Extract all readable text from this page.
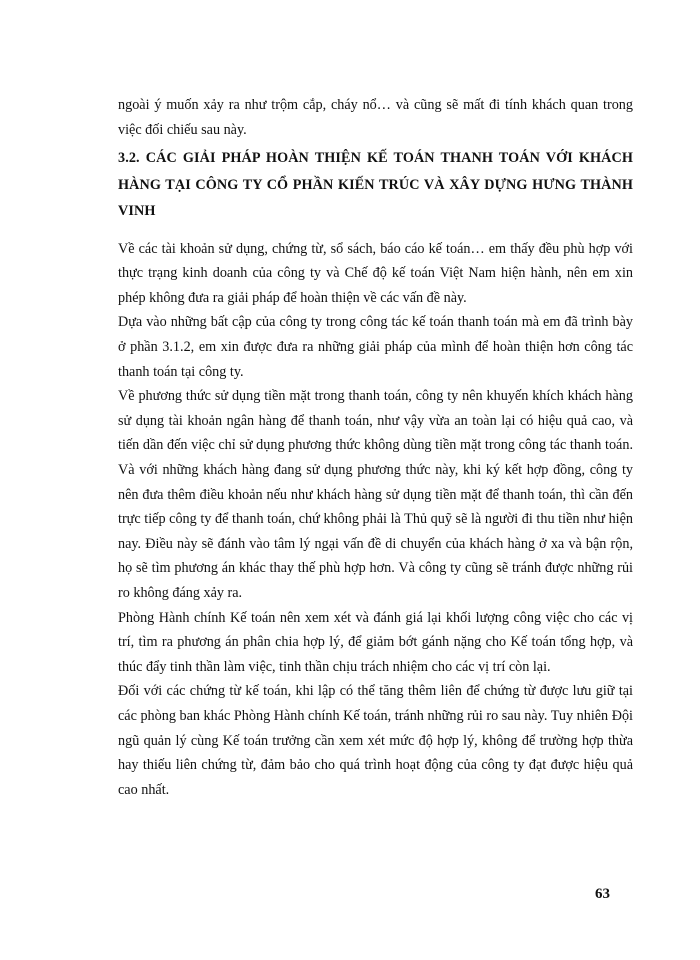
ngoài ý muốn xảy ra như trộm cắp, cháy nổ… và cũng sẽ mất đi tính khách quan trong việc đối chiếu sau này.

3.2. CÁC GIẢI PHÁP HOÀN THIỆN KẾ TOÁN THANH TOÁN VỚI KHÁCH HÀNG TẠI CÔNG TY CỔ PHẦN KIẾN TRÚC VÀ XÂY DỰNG HƯNG THÀNH VINH

Về các tài khoản sử dụng, chứng từ, sổ sách, báo cáo kế toán… em thấy đều phù hợp với thực trạng kinh doanh của công ty và Chế độ kế toán Việt Nam hiện hành, nên em xin phép không đưa ra giải pháp để hoàn thiện về các vấn đề này.

Dựa vào những bất cập của công ty trong công tác kế toán thanh toán mà em đã trình bày ở phần 3.1.2, em xin được đưa ra những giải pháp của mình để hoàn thiện hơn công tác thanh toán tại công ty.

Về phương thức sử dụng tiền mặt trong thanh toán, công ty nên khuyến khích khách hàng sử dụng tài khoản ngân hàng để thanh toán, như vậy vừa an toàn lại có hiệu quả cao, và tiến dần đến việc chỉ sử dụng phương thức không dùng tiền mặt trong công tác thanh toán. Và với những khách hàng đang sử dụng phương thức này, khi ký kết hợp đồng, công ty nên đưa thêm điều khoản nếu như khách hàng sử dụng tiền mặt để thanh toán, thì cần đến trực tiếp công ty để thanh toán, chứ không phải là Thủ quỹ sẽ là người đi thu tiền như hiện nay. Điều này sẽ đánh vào tâm lý ngại vấn đề di chuyển của khách hàng ở xa và bận rộn, họ sẽ tìm phương án khác thay thế phù hợp hơn. Và công ty cũng sẽ tránh được những rủi ro không đáng xảy ra.

Phòng Hành chính Kế toán nên xem xét và đánh giá lại khối lượng công việc cho các vị trí, tìm ra phương án phân chia hợp lý, để giảm bớt gánh nặng cho Kế toán tổng hợp, và thúc đẩy tinh thần làm việc, tinh thần chịu trách nhiệm cho các vị trí còn lại.

Đối với các chứng từ kế toán, khi lập có thể tăng thêm liên để chứng từ được lưu giữ tại các phòng ban khác Phòng Hành chính Kế toán, tránh những rủi ro sau này. Tuy nhiên Đội ngũ quản lý cùng Kế toán trưởng cần xem xét mức độ hợp lý, không để trường hợp thừa hay thiếu liên chứng từ, đảm bảo cho quá trình hoạt động của công ty đạt được hiệu quả cao nhất.

63
